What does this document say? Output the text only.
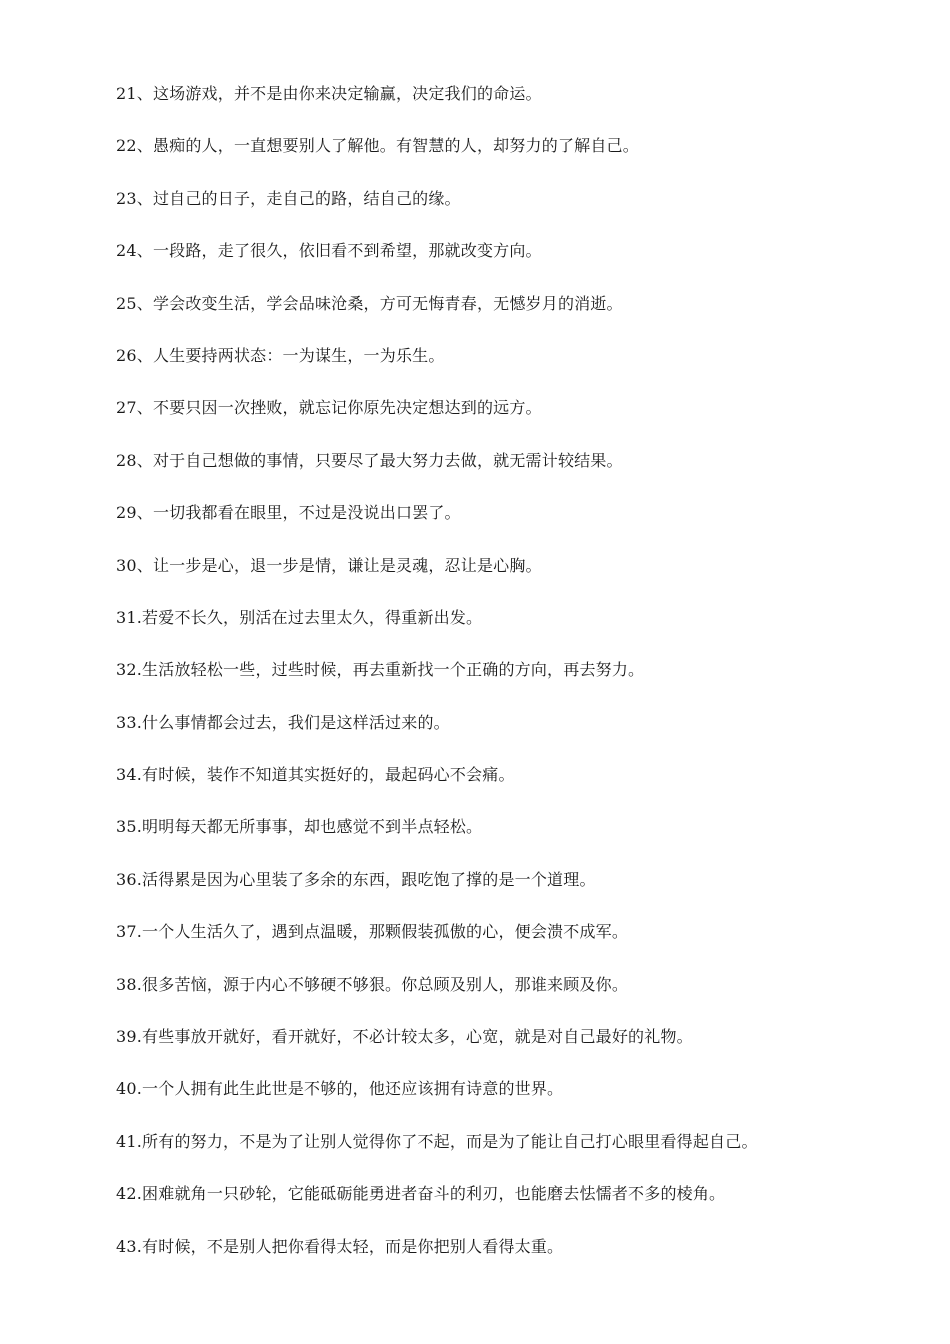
21、这场游戏，并不是由你来决定输赢，决定我们的命运。
22、愚痴的人，一直想要别人了解他。有智慧的人，却努力的了解自己。
23、过自己的日子，走自己的路，结自己的缘。
24、一段路，走了很久，依旧看不到希望，那就改变方向。
25、学会改变生活，学会品味沧桑，方可无悔青春，无憾岁月的消逝。
26、人生要持两状态：一为谋生，一为乐生。
27、不要只因一次挫败，就忘记你原先决定想达到的远方。
28、对于自己想做的事情，只要尽了最大努力去做，就无需计较结果。
29、一切我都看在眼里，不过是没说出口罢了。
30、让一步是心，退一步是情，谦让是灵魂，忍让是心胸。
31.若爱不长久，别活在过去里太久，得重新出发。
32.生活放轻松一些，过些时候，再去重新找一个正确的方向，再去努力。
33.什么事情都会过去，我们是这样活过来的。
34.有时候，装作不知道其实挺好的，最起码心不会痛。
35.明明每天都无所事事，却也感觉不到半点轻松。
36.活得累是因为心里装了多余的东西，跟吃饱了撑的是一个道理。
37.一个人生活久了，遇到点温暖，那颗假装孤傲的心，便会溃不成军。
38.很多苦恼，源于内心不够硬不够狠。你总顾及别人，那谁来顾及你。
39.有些事放开就好，看开就好，不必计较太多，心宽，就是对自己最好的礼物。
40.一个人拥有此生此世是不够的，他还应该拥有诗意的世界。
41.所有的努力，不是为了让别人觉得你了不起，而是为了能让自己打心眼里看得起自己。
42.困难就角一只砂轮，它能砥砺能勇进者奋斗的利刃，也能磨去怯懦者不多的棱角。
43.有时候，不是别人把你看得太轻，而是你把别人看得太重。
